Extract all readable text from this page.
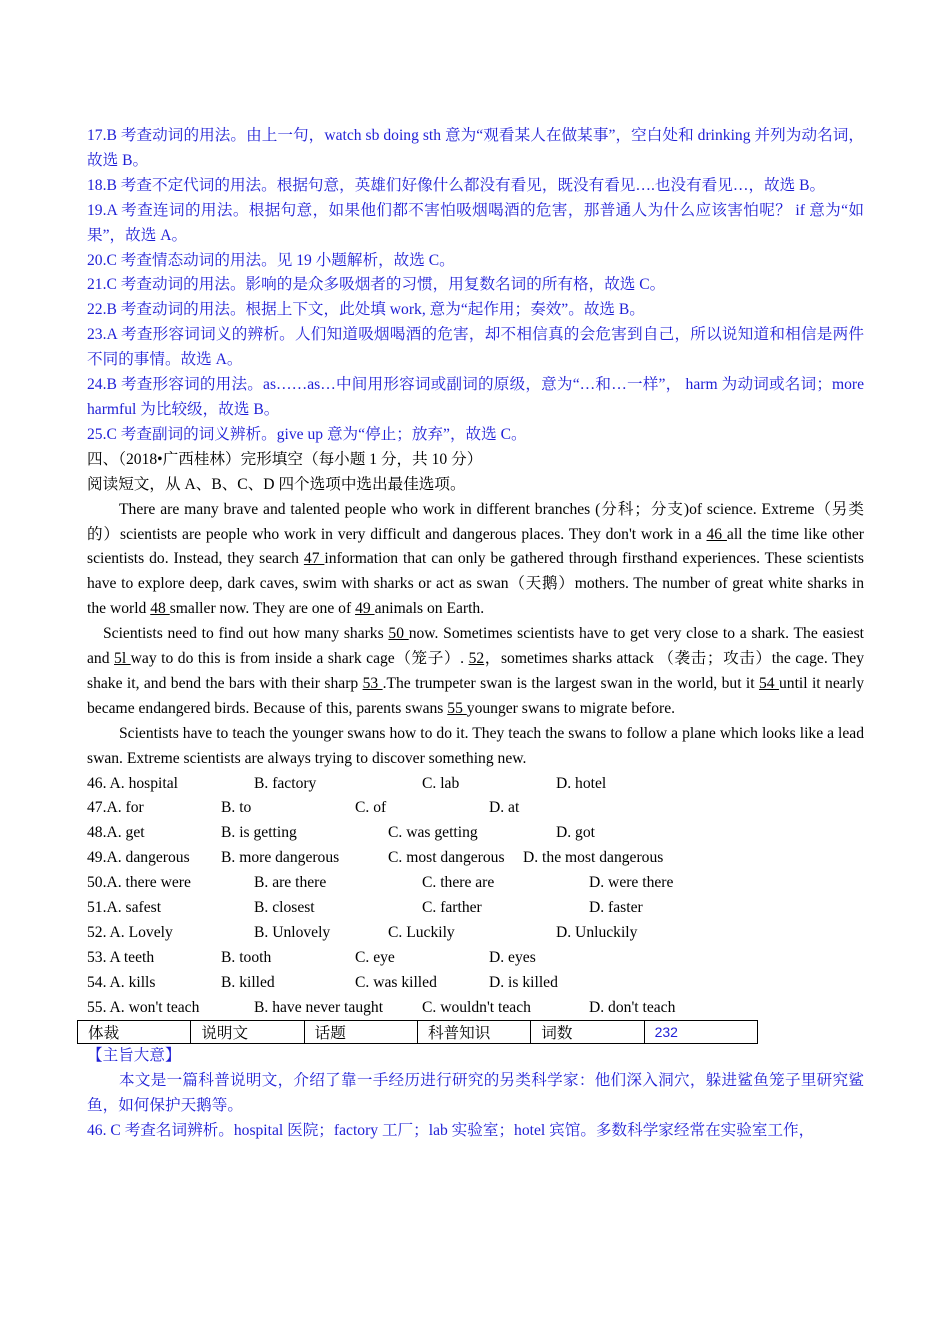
17.B 考查动词的用法。由上一句，watch sb doing sth 意为“观看某人在做某事”，空白处和 drinking 并列为动名词，故选 B。
18.B 考查不定代词的用法。根据句意，英雄们好像什么都没有看见，既没有看见….也没有看见…，故选 B。
19.A 考查连词的用法。根据句意，如果他们都不害怕吸烟喝酒的危害，那普通人为什么应该害怕呢？ if 意为“如果”，故选 A。
20.C 考查情态动词的用法。见 19 小题解析，故选 C。
21.C 考查动词的用法。影响的是众多吸烟者的习惯，用复数名词的所有格，故选 C。
22.B 考查动词的用法。根据上下文，此处填 work, 意为“起作用；奏效”。故选 B。
23.A 考查形容词词义的辨析。人们知道吸烟喝酒的危害，却不相信真的会危害到自己，所以说知道和相信是两件不同的事情。故选 A。
24.B 考查形容词的用法。as……as…中间用形容词或副词的原级，意为“…和…一样”， harm 为动词或名词；more harmful 为比较级，故选 B。
25.C 考查副词的词义辨析。give up 意为“停止；放弃”，故选 C。
四、（2018•广西桂林）完形填空（每小题 1 分，共 10 分）
阅读短文，从 A、B、C、D 四个选项中选出最佳选项。
There are many brave and talented people who work in different branches (分科；分支)of science. Extreme（另类的）scientists are people who work in very difficult and dangerous places. They don't work in a 46 all the time like other scientists do. Instead, they search 47 information that can only be gathered through firsthand experiences. These scientists have to explore deep, dark caves, swim with sharks or act as swan（天鹅）mothers. The number of great white sharks in the world 48 smaller now. They are one of 49 animals on Earth.
Scientists need to find out how many sharks 50 now. Sometimes scientists have to get very close to a shark. The easiest and 5l way to do this is from inside a shark cage（笼子）. 52，sometimes sharks attack （袭击；攻击）the cage. They shake it, and bend the bars with their sharp 53 .The trumpeter swan is the largest swan in the world, but it 54 until it nearly became endangered birds. Because of this, parents swans 55 younger swans to migrate before.
Scientists have to teach the younger swans how to do it. They teach the swans to follow a plane which looks like a lead swan. Extreme scientists are always trying to discover something new.
46. A. hospital	B. factory	C. lab	D. hotel
47.A. for	B. to	C. of	D. at
48.A. get	B. is getting	C. was getting	D. got
49.A. dangerous B. more dangerous	C. most dangerous D. the most dangerous
50.A. there were	B. are there	C. there are	D. were there
51.A. safest	B. closest	C. farther	D. faster
52. A. Lovely	B. Unlovely	C. Luckily	D. Unluckily
53. A teeth	B. tooth	C. eye	D. eyes
54. A. kills	B. killed	C. was killed	D. is killed
55. A. won't teach	B. have never taught C. wouldn't teach	D. don't teach
体裁	说明文	话题	科普知识	词数	232
【主旨大意】
本文是一篇科普说明文，介绍了靠一手经历进行研究的另类科学家：他们深入洞穴，躲进鲨鱼笼子里研究鲨鱼，如何保护天鹅等。
46. C 考查名词辨析。hospital 医院；factory 工厂；lab 实验室；hotel 宾馆。多数科学家经常在实验室工作，
